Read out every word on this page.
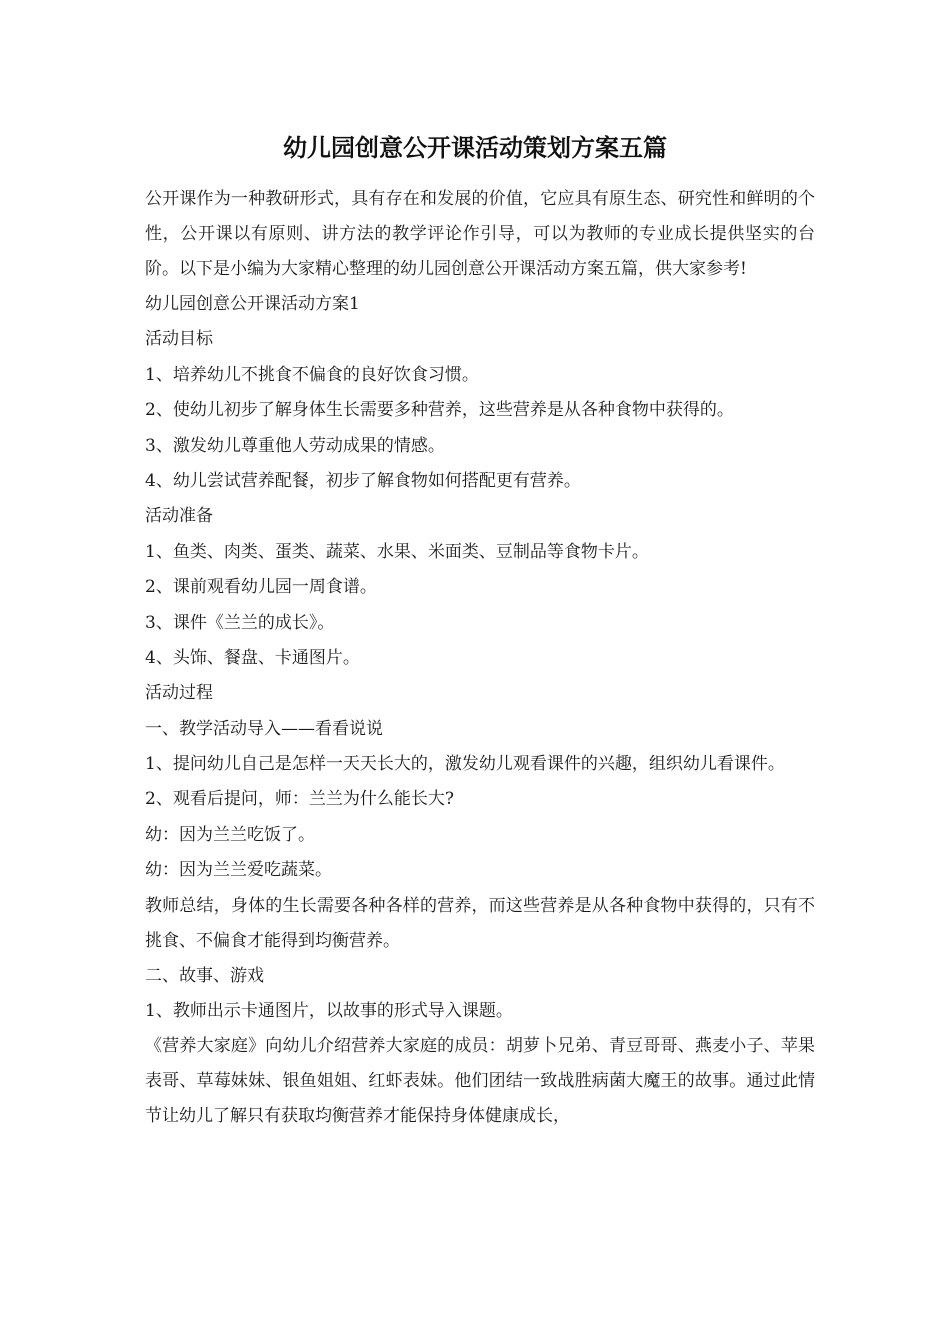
幼儿园创意公开课活动策划方案五篇

公开课作为一种教研形式，具有存在和发展的价值，它应具有原生态、研究性和鲜明的个性，公开课以有原则、讲方法的教学评论作引导，可以为教师的专业成长提供坚实的台阶。以下是小编为大家精心整理的幼儿园创意公开课活动方案五篇，供大家参考!

幼儿园创意公开课活动方案1

活动目标

1、培养幼儿不挑食不偏食的良好饮食习惯。

2、使幼儿初步了解身体生长需要多种营养，这些营养是从各种食物中获得的。

3、激发幼儿尊重他人劳动成果的情感。

4、幼儿尝试营养配餐，初步了解食物如何搭配更有营养。

活动准备

1、鱼类、肉类、蛋类、蔬菜、水果、米面类、豆制品等食物卡片。

2、课前观看幼儿园一周食谱。

3、课件《兰兰的成长》。

4、头饰、餐盘、卡通图片。

活动过程

一、教学活动导入——看看说说

1、提问幼儿自己是怎样一天天长大的，激发幼儿观看课件的兴趣，组织幼儿看课件。

2、观看后提问，师：兰兰为什么能长大?

幼：因为兰兰吃饭了。

幼：因为兰兰爱吃蔬菜。

教师总结，身体的生长需要各种各样的营养，而这些营养是从各种食物中获得的，只有不挑食、不偏食才能得到均衡营养。

二、故事、游戏

1、教师出示卡通图片，以故事的形式导入课题。

《营养大家庭》向幼儿介绍营养大家庭的成员：胡萝卜兄弟、青豆哥哥、燕麦小子、苹果表哥、草莓妹妹、银鱼姐姐、红虾表妹。他们团结一致战胜病菌大魔王的故事。通过此情节让幼儿了解只有获取均衡营养才能保持身体健康成长，
